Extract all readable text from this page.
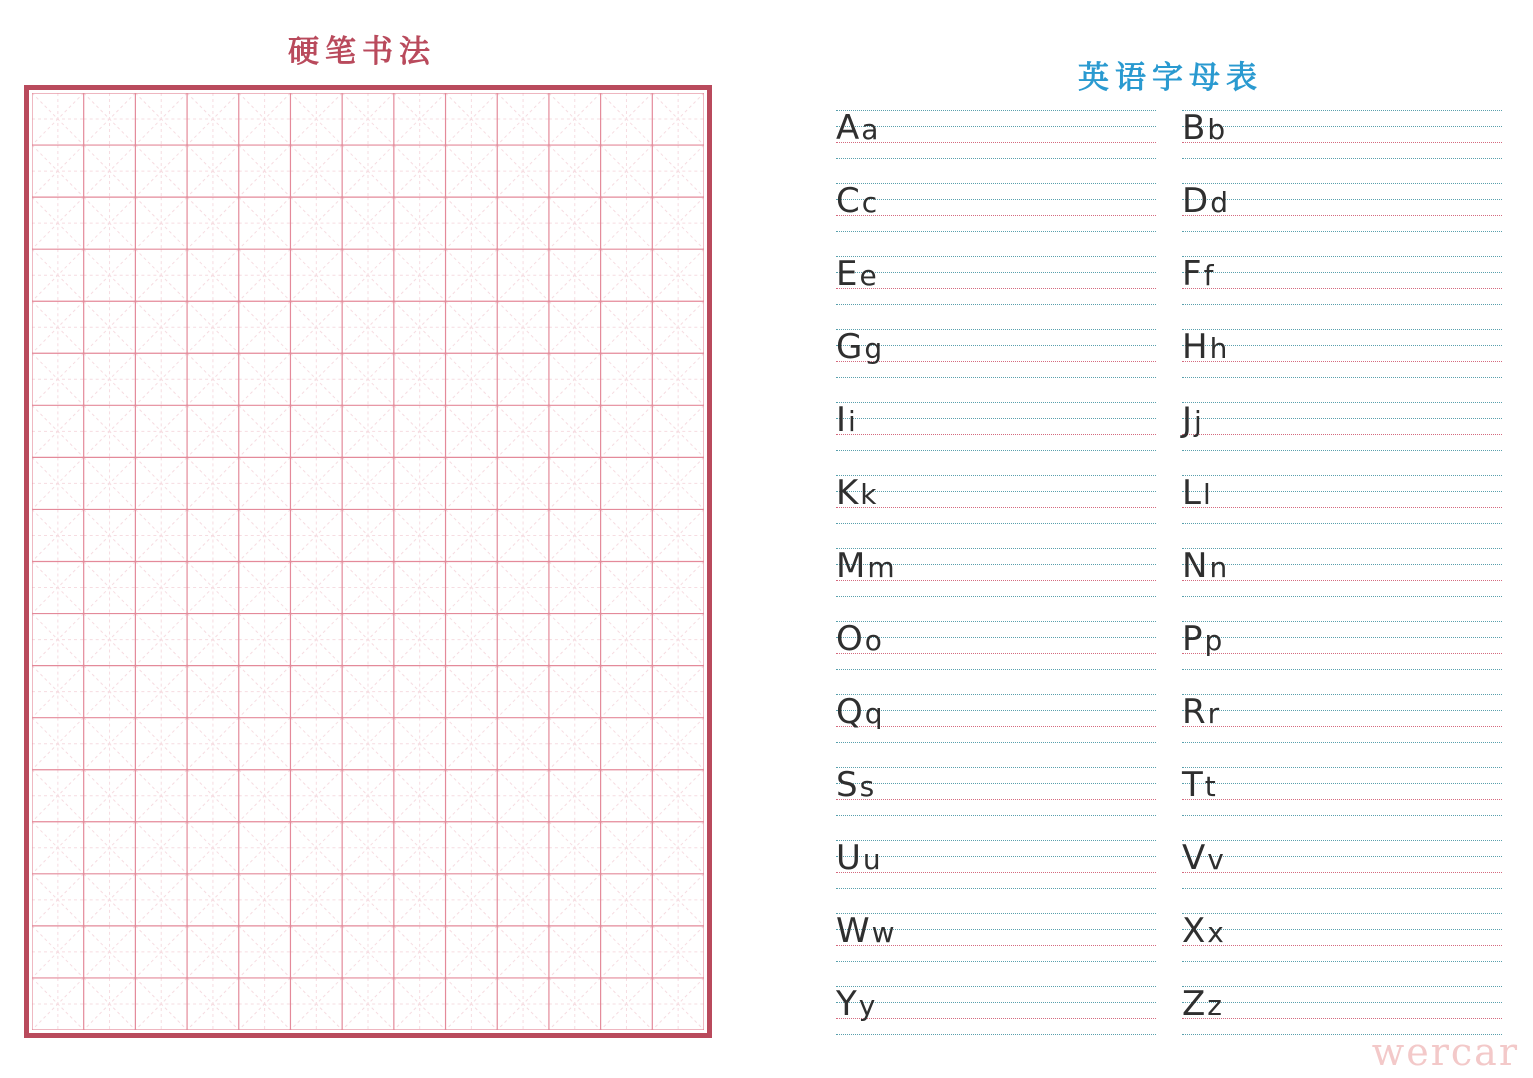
硬笔书法
英语字母表
Aa	Bb
Cc	Dd
Ee	Ff
Gg	Hh
Ii	Jj
Kk	Ll
Mm	Nn
Oo	Pp
Qq	Rr
Ss	Tt
Uu	Vv
Ww	Xx
Yy	Zz
wercar
